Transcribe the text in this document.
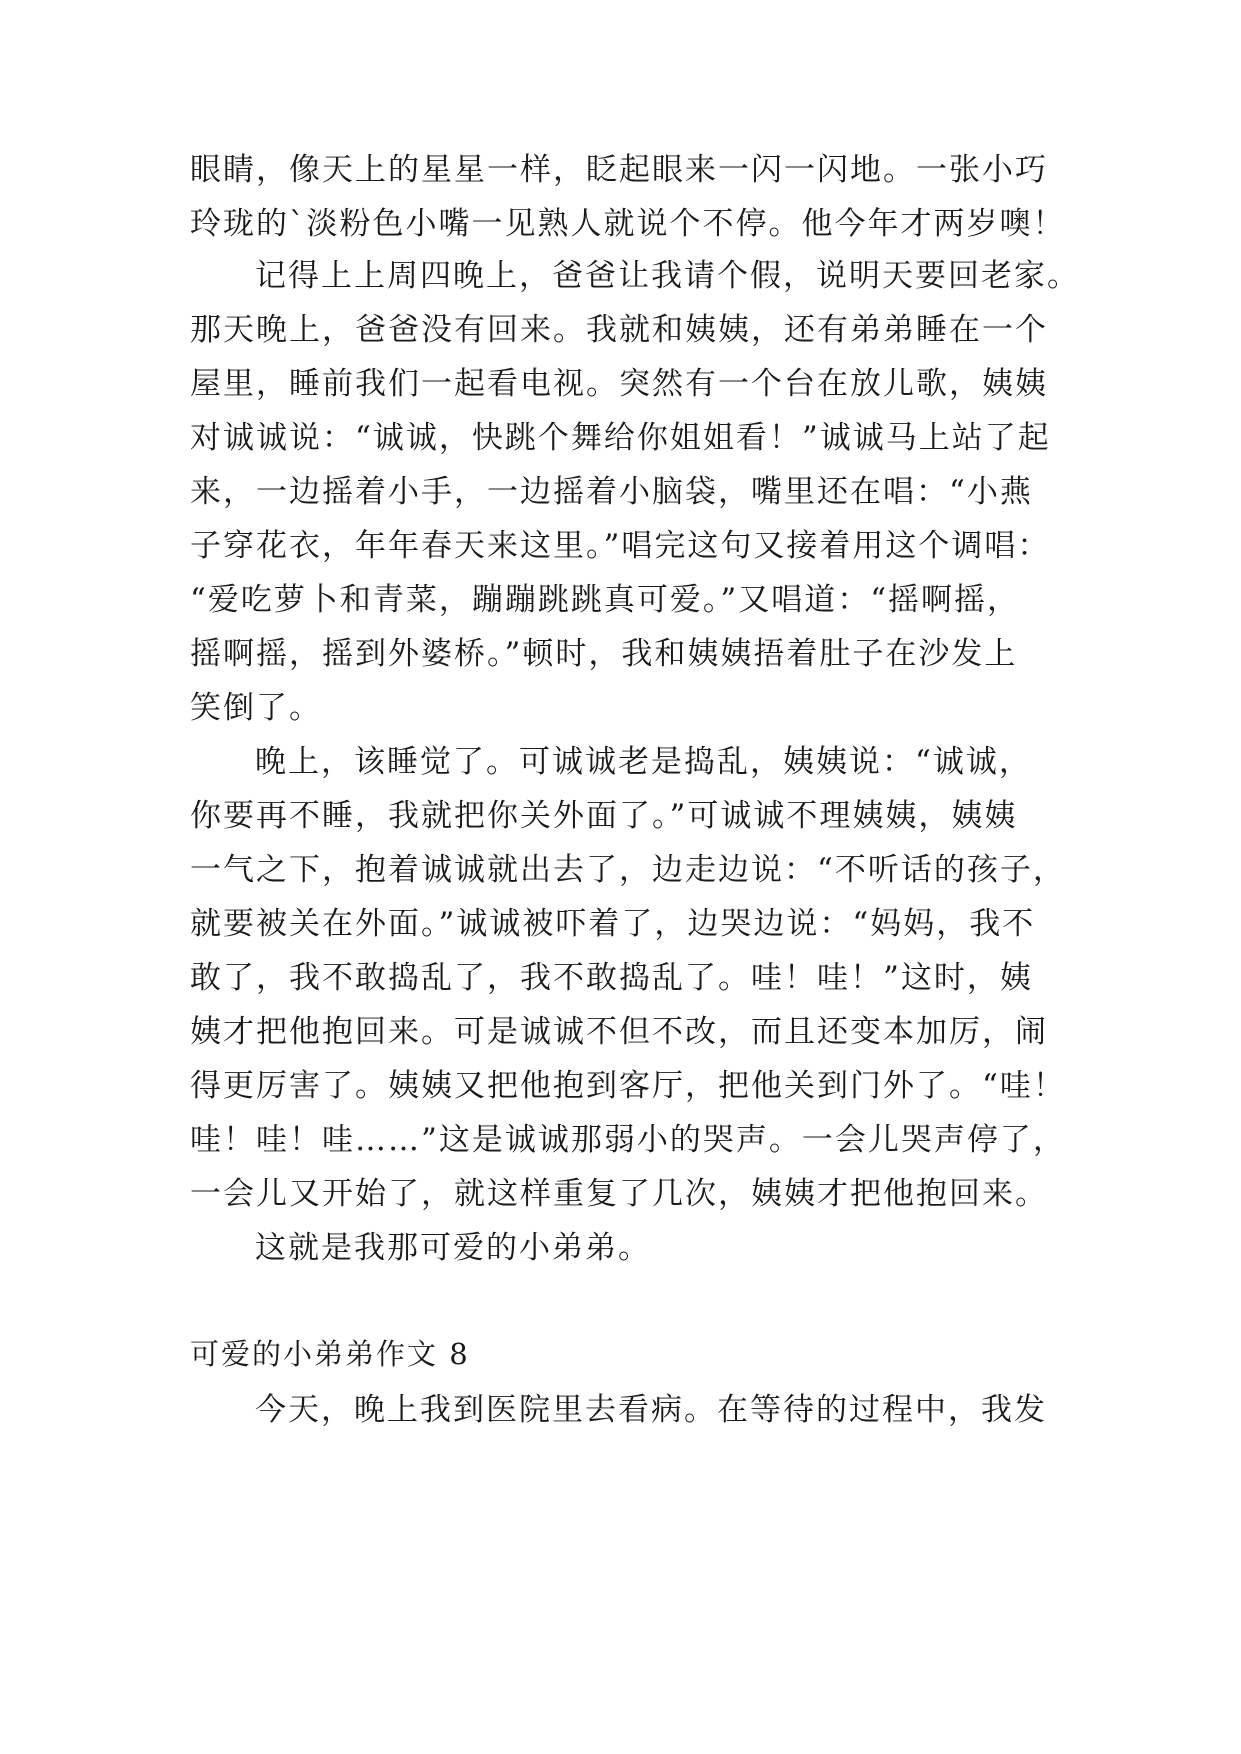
眼睛，像天上的星星一样，眨起眼来一闪一闪地。一张小巧
玲珑的`淡粉色小嘴一见熟人就说个不停。他今年才两岁噢！
记得上上周四晚上，爸爸让我请个假，说明天要回老家。
那天晚上，爸爸没有回来。我就和姨姨，还有弟弟睡在一个
屋里，睡前我们一起看电视。突然有一个台在放儿歌，姨姨
对诚诚说：“诚诚，快跳个舞给你姐姐看！”诚诚马上站了起
来，一边摇着小手，一边摇着小脑袋，嘴里还在唱：“小燕
子穿花衣，年年春天来这里。”唱完这句又接着用这个调唱：
“爱吃萝卜和青菜，蹦蹦跳跳真可爱。”又唱道：“摇啊摇，
摇啊摇，摇到外婆桥。”顿时，我和姨姨捂着肚子在沙发上
笑倒了。
晚上，该睡觉了。可诚诚老是捣乱，姨姨说：“诚诚，
你要再不睡，我就把你关外面了。”可诚诚不理姨姨，姨姨
一气之下，抱着诚诚就出去了，边走边说：“不听话的孩子，
就要被关在外面。”诚诚被吓着了，边哭边说：“妈妈，我不
敢了，我不敢捣乱了，我不敢捣乱了。哇！哇！”这时，姨
姨才把他抱回来。可是诚诚不但不改，而且还变本加厉，闹
得更厉害了。姨姨又把他抱到客厅，把他关到门外了。“哇！
哇！哇！哇……”这是诚诚那弱小的哭声。一会儿哭声停了，
一会儿又开始了，就这样重复了几次，姨姨才把他抱回来。
这就是我那可爱的小弟弟。
可爱的小弟弟作文 8
今天，晚上我到医院里去看病。在等待的过程中，我发
